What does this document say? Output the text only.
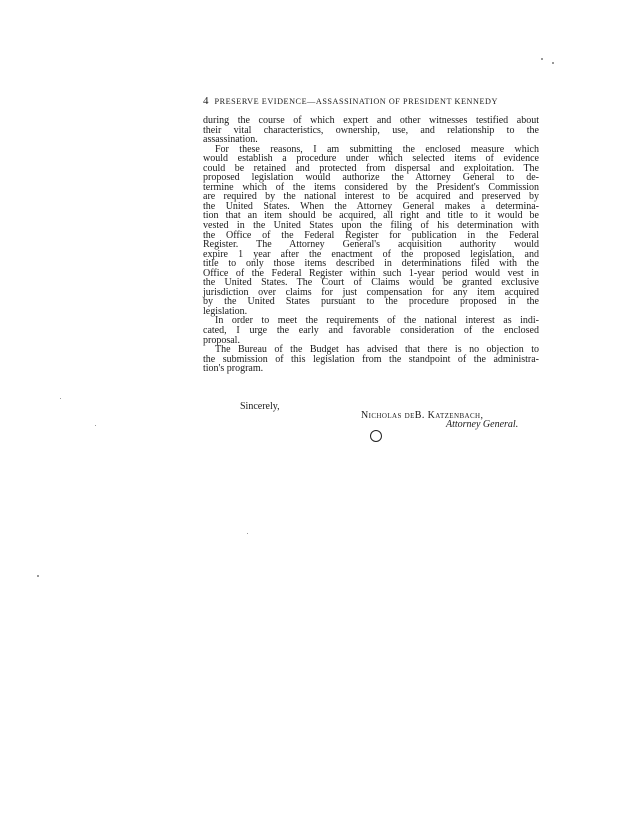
4 PRESERVE EVIDENCE—ASSASSINATION OF PRESIDENT KENNEDY

during the course of which expert and other witnesses testified about

their vital characteristics, ownership, use, and relationship to the

assassination.

For these reasons, I am submitting the enclosed measure which

would establish a procedure under which selected items of evidence

could be retained and protected from dispersal and exploitation. The

proposed legislation would authorize the Attorney General to de-

termine which of the items considered by the President's Commission

are required by the national interest to be acquired and preserved by

the United States. When the Attorney General makes a determina-

tion that an item should be acquired, all right and title to it would be

vested in the United States upon the filing of his determination with

the Office of the Federal Register for publication in the Federal

Register. The Attorney General's acquisition authority would

expire 1 year after the enactment of the proposed legislation, and

title to only those items described in determinations filed with the

Office of the Federal Register within such 1-year period would vest in

the United States. The Court of Claims would be granted exclusive

jurisdiction over claims for just compensation for any item acquired

by the United States pursuant to the procedure proposed in the

legislation.

In order to meet the requirements of the national interest as indi-

cated, I urge the early and favorable consideration of the enclosed

proposal.

The Bureau of the Budget has advised that there is no objection to

the submission of this legislation from the standpoint of the administra-

tion's program.

Sincerely,
Nicholas deB. Katzenbach,
Attorney General.
